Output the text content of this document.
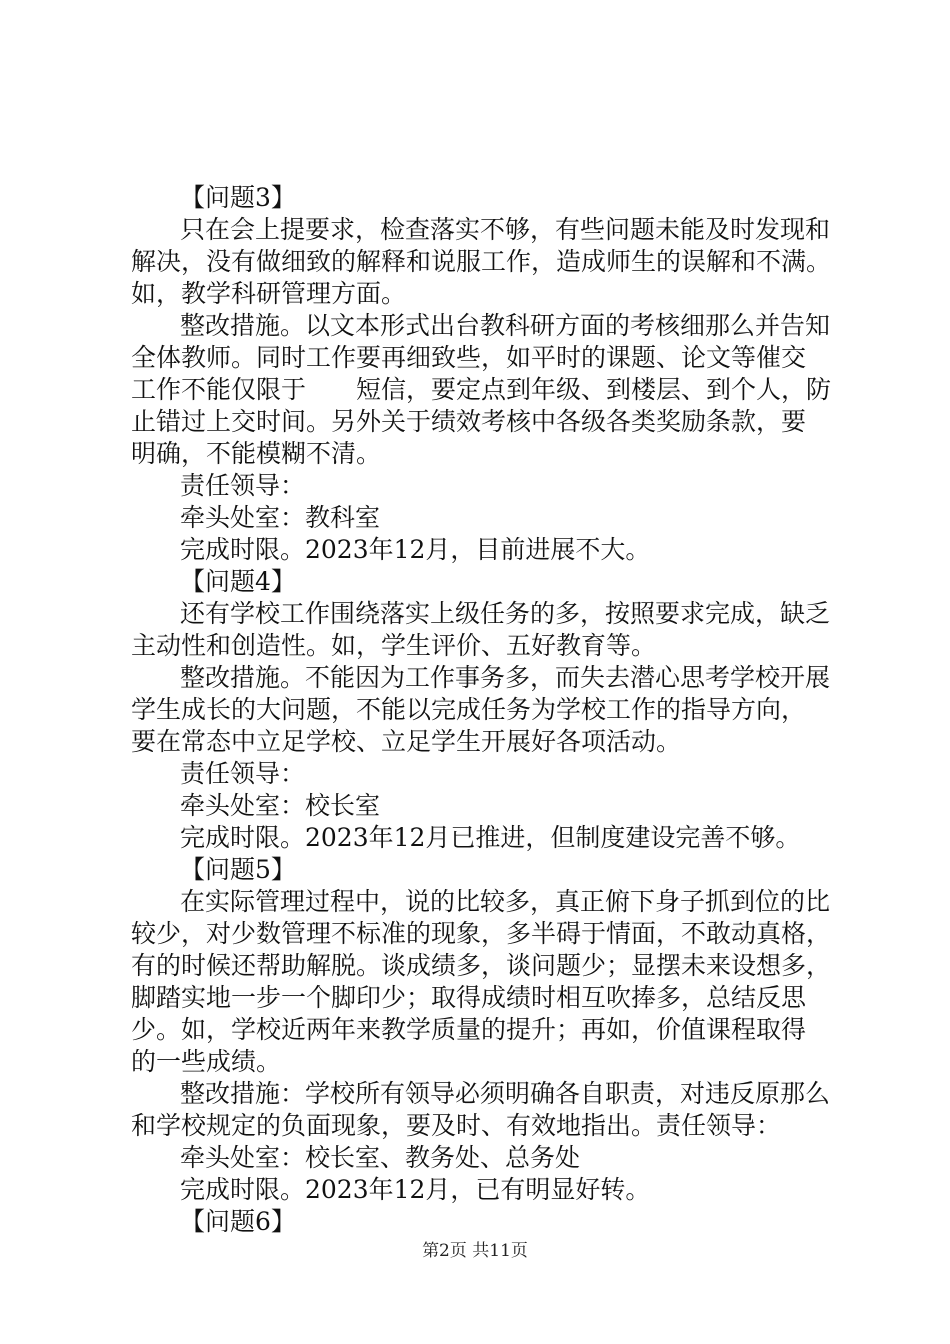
【问题3】
只在会上提要求，检查落实不够，有些问题未能及时发现和
解决，没有做细致的解释和说服工作，造成师生的误解和不满。
如，教学科研管理方面。
整改措施。以文本形式出台教科研方面的考核细那么并告知
全体教师。同时工作要再细致些，如平时的课题、论文等催交
工作不能仅限于　　短信，要定点到年级、到楼层、到个人，防
止错过上交时间。另外关于绩效考核中各级各类奖励条款，要
明确，不能模糊不清。
责任领导：
牵头处室：教科室
完成时限。2023年12月，目前进展不大。
【问题4】
还有学校工作围绕落实上级任务的多，按照要求完成，缺乏
主动性和创造性。如，学生评价、五好教育等。
整改措施。不能因为工作事务多，而失去潜心思考学校开展
学生成长的大问题，不能以完成任务为学校工作的指导方向，
要在常态中立足学校、立足学生开展好各项活动。
责任领导：
牵头处室：校长室
完成时限。2023年12月已推进，但制度建设完善不够。
【问题5】
在实际管理过程中，说的比较多，真正俯下身子抓到位的比
较少，对少数管理不标准的现象，多半碍于情面，不敢动真格，
有的时候还帮助解脱。谈成绩多，谈问题少；显摆未来设想多，
脚踏实地一步一个脚印少；取得成绩时相互吹捧多，总结反思
少。如，学校近两年来教学质量的提升；再如，价值课程取得
的一些成绩。
整改措施：学校所有领导必须明确各自职责，对违反原那么
和学校规定的负面现象，要及时、有效地指出。责任领导：
牵头处室：校长室、教务处、总务处
完成时限。2023年12月，已有明显好转。
【问题6】
第2页 共11页
